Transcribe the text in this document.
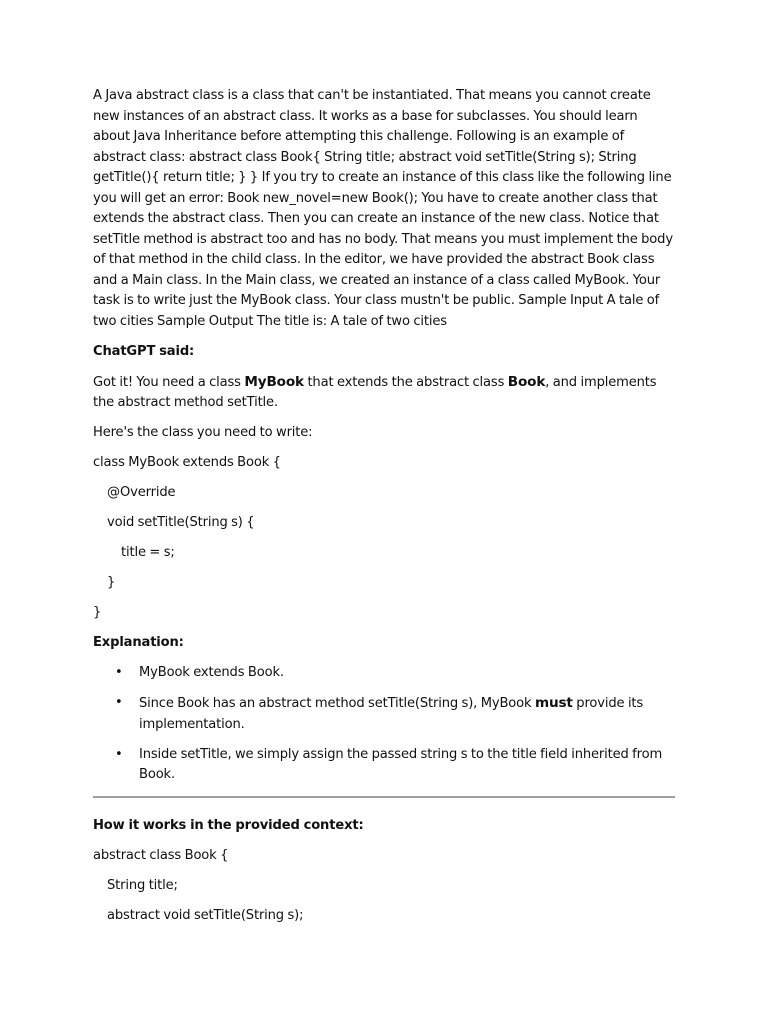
A Java abstract class is a class that can't be instantiated. That means you cannot create new instances of an abstract class. It works as a base for subclasses. You should learn about Java Inheritance before attempting this challenge. Following is an example of abstract class: abstract class Book{ String title; abstract void setTitle(String s); String getTitle(){ return title; } } If you try to create an instance of this class like the following line you will get an error: Book new_novel=new Book(); You have to create another class that extends the abstract class. Then you can create an instance of the new class. Notice that setTitle method is abstract too and has no body. That means you must implement the body of that method in the child class. In the editor, we have provided the abstract Book class and a Main class. In the Main class, we created an instance of a class called MyBook. Your task is to write just the MyBook class. Your class mustn't be public. Sample Input A tale of two cities Sample Output The title is: A tale of two cities

ChatGPT said:

Got it! You need a class MyBook that extends the abstract class Book, and implements the abstract method setTitle.

Here's the class you need to write:

class MyBook extends Book {

@Override

void setTitle(String s) {

title = s;

}

}

Explanation:
• MyBook extends Book.
• Since Book has an abstract method setTitle(String s), MyBook must provide its implementation.
• Inside setTitle, we simply assign the passed string s to the title field inherited from Book.
How it works in the provided context:

abstract class Book {

String title;

abstract void setTitle(String s);
